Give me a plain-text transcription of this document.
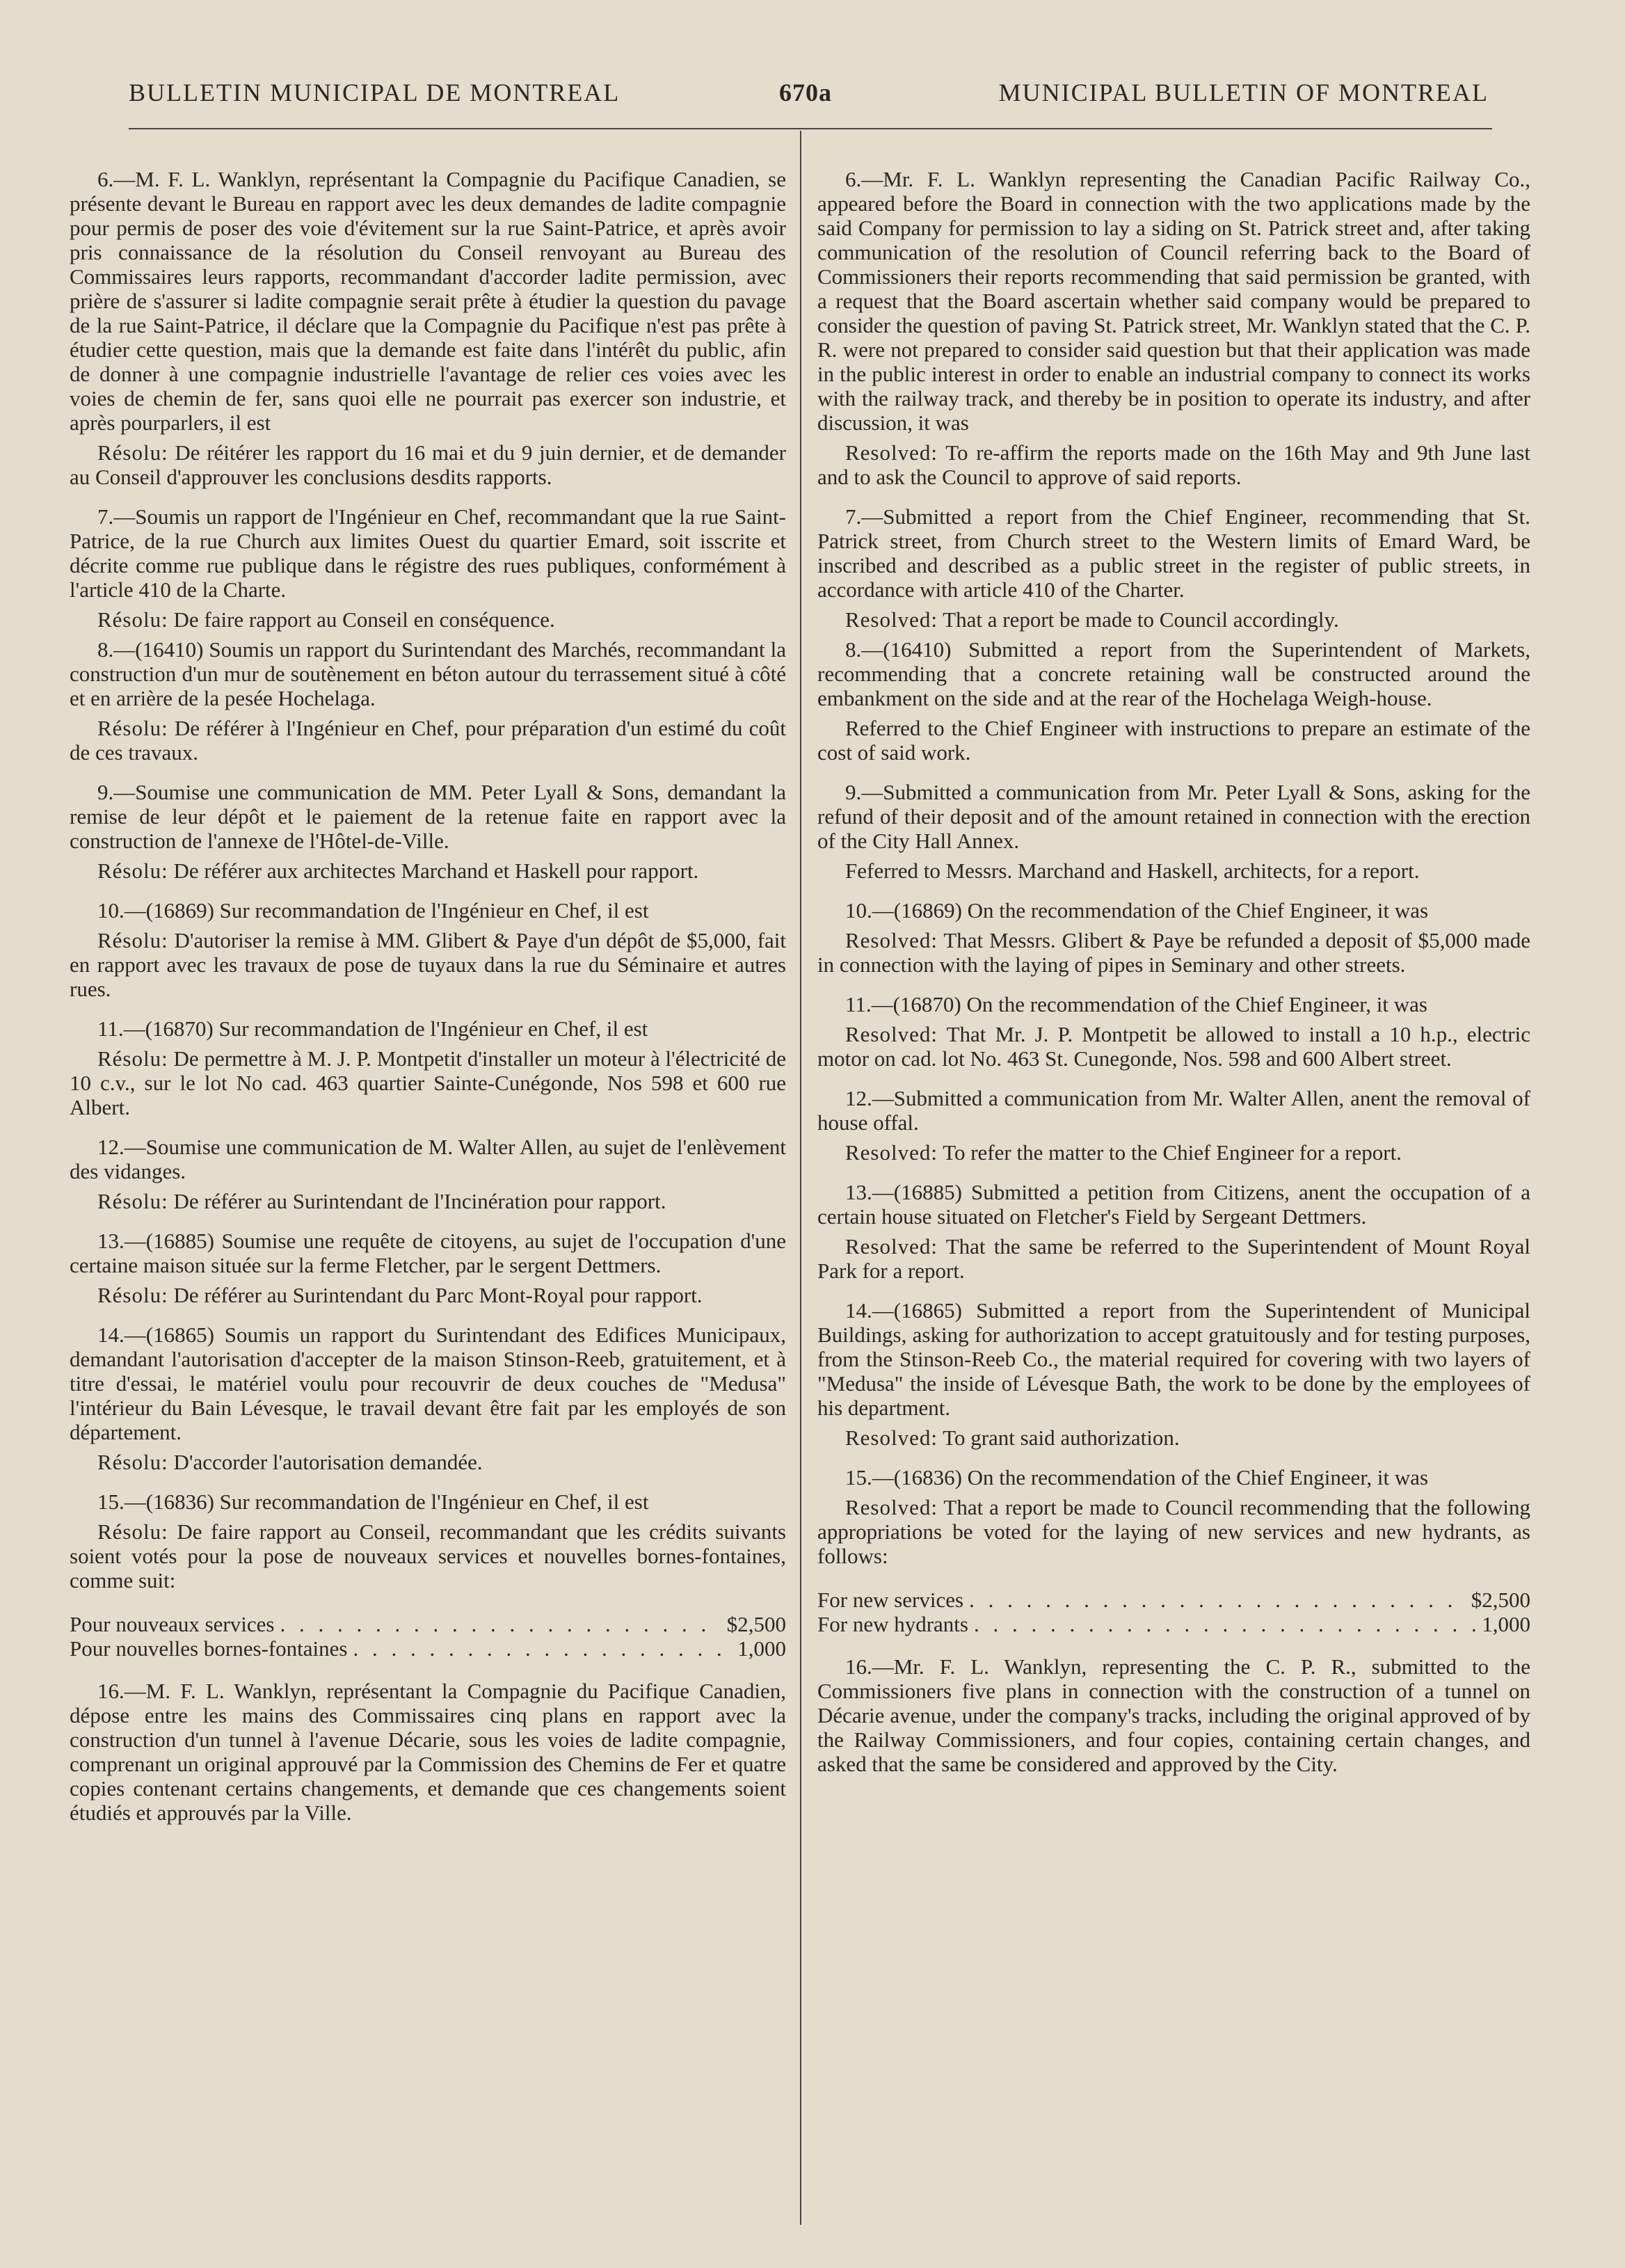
BULLETIN MUNICIPAL DE MONTREAL	670a	MUNICIPAL BULLETIN OF MONTREAL

6.—M. F. L. Wanklyn, représentant la Compagnie du Pacifique Canadien, se présente devant le Bureau en rapport avec les deux demandes de ladite compagnie pour permis de poser des voie d'évitement sur la rue Saint-Patrice, et après avoir pris connaissance de la résolution du Conseil renvoyant au Bureau des Commissaires leurs rapports, recommandant d'accorder ladite permission, avec prière de s'assurer si ladite compagnie serait prête à étudier la question du pavage de la rue Saint-Patrice, il déclare que la Compagnie du Pacifique n'est pas prête à étudier cette question, mais que la demande est faite dans l'intérêt du public, afin de donner à une compagnie industrielle l'avantage de relier ces voies avec les voies de chemin de fer, sans quoi elle ne pourrait pas exercer son industrie, et après pourparlers, il est

Résolu: De réitérer les rapport du 16 mai et du 9 juin dernier, et de demander au Conseil d'approuver les conclusions desdits rapports.

7.—Soumis un rapport de l'Ingénieur en Chef, recommandant que la rue Saint-Patrice, de la rue Church aux limites Ouest du quartier Emard, soit isscrite et décrite comme rue publique dans le régistre des rues publiques, conformément à l'article 410 de la Charte.

Résolu: De faire rapport au Conseil en conséquence.

8.—(16410) Soumis un rapport du Surintendant des Marchés, recommandant la construction d'un mur de soutènement en béton autour du terrassement situé à côté et en arrière de la pesée Hochelaga.

Résolu: De référer à l'Ingénieur en Chef, pour préparation d'un estimé du coût de ces travaux.

9.—Soumise une communication de MM. Peter Lyall & Sons, demandant la remise de leur dépôt et le paiement de la retenue faite en rapport avec la construction de l'annexe de l'Hôtel-de-Ville.

Résolu: De référer aux architectes Marchand et Haskell pour rapport.

10.—(16869) Sur recommandation de l'Ingénieur en Chef, il est

Résolu: D'autoriser la remise à MM. Glibert & Paye d'un dépôt de $5,000, fait en rapport avec les travaux de pose de tuyaux dans la rue du Séminaire et autres rues.

11.—(16870) Sur recommandation de l'Ingénieur en Chef, il est

Résolu: De permettre à M. J. P. Montpetit d'installer un moteur à l'électricité de 10 c.v., sur le lot No cad. 463 quartier Sainte-Cunégonde, Nos 598 et 600 rue Albert.

12.—Soumise une communication de M. Walter Allen, au sujet de l'enlèvement des vidanges.

Résolu: De référer au Surintendant de l'Incinération pour rapport.

13.—(16885) Soumise une requête de citoyens, au sujet de l'occupation d'une certaine maison située sur la ferme Fletcher, par le sergent Dettmers.

Résolu: De référer au Surintendant du Parc Mont-Royal pour rapport.

14.—(16865) Soumis un rapport du Surintendant des Edifices Municipaux, demandant l'autorisation d'accepter de la maison Stinson-Reeb, gratuitement, et à titre d'essai, le matériel voulu pour recouvrir de deux couches de "Medusa" l'intérieur du Bain Lévesque, le travail devant être fait par les employés de son département.

Résolu: D'accorder l'autorisation demandée.

15.—(16836) Sur recommandation de l'Ingénieur en Chef, il est

Résolu: De faire rapport au Conseil, recommandant que les crédits suivants soient votés pour la pose de nouveaux services et nouvelles bornes-fontaines, comme suit:

Pour nouveaux services . . .	$2,500
Pour nouvelles bornes-fontaines . . .	1,000

16.—M. F. L. Wanklyn, représentant la Compagnie du Pacifique Canadien, dépose entre les mains des Commissaires cinq plans en rapport avec la construction d'un tunnel à l'avenue Décarie, sous les voies de ladite compagnie, comprenant un original approuvé par la Commission des Chemins de Fer et quatre copies contenant certains changements, et demande que ces changements soient étudiés et approuvés par la Ville.

6.—Mr. F. L. Wanklyn representing the Canadian Pacific Railway Co., appeared before the Board in connection with the two applications made by the said Company for permission to lay a siding on St. Patrick street and, after taking communication of the resolution of Council referring back to the Board of Commissioners their reports recommending that said permission be granted, with a request that the Board ascertain whether said company would be prepared to consider the question of paving St. Patrick street, Mr. Wanklyn stated that the C. P. R. were not prepared to consider said question but that their application was made in the public interest in order to enable an industrial company to connect its works with the railway track, and thereby be in position to operate its industry, and after discussion, it was

Resolved: To re-affirm the reports made on the 16th May and 9th June last and to ask the Council to approve of said reports.

7.—Submitted a report from the Chief Engineer, recommending that St. Patrick street, from Church street to the Western limits of Emard Ward, be inscribed and described as a public street in the register of public streets, in accordance with article 410 of the Charter.

Resolved: That a report be made to Council accordingly.

8.—(16410) Submitted a report from the Superintendent of Markets, recommending that a concrete retaining wall be constructed around the embankment on the side and at the rear of the Hochelaga Weigh-house.

Referred to the Chief Engineer with instructions to prepare an estimate of the cost of said work.

9.—Submitted a communication from Mr. Peter Lyall & Sons, asking for the refund of their deposit and of the amount retained in connection with the erection of the City Hall Annex.

Feferred to Messrs. Marchand and Haskell, architects, for a report.

10.—(16869) On the recommendation of the Chief Engineer, it was

Resolved: That Messrs. Glibert & Paye be refunded a deposit of $5,000 made in connection with the laying of pipes in Seminary and other streets.

11.—(16870) On the recommendation of the Chief Engineer, it was

Resolved: That Mr. J. P. Montpetit be allowed to install a 10 h.p., electric motor on cad. lot No. 463 St. Cunegonde, Nos. 598 and 600 Albert street.

12.—Submitted a communication from Mr. Walter Allen, anent the removal of house offal.

Resolved: To refer the matter to the Chief Engineer for a report.

13.—(16885) Submitted a petition from Citizens, anent the occupation of a certain house situated on Fletcher's Field by Sergeant Dettmers.

Resolved: That the same be referred to the Superintendent of Mount Royal Park for a report.

14.—(16865) Submitted a report from the Superintendent of Municipal Buildings, asking for authorization to accept gratuitously and for testing purposes, from the Stinson-Reeb Co., the material required for covering with two layers of "Medusa" the inside of Lévesque Bath, the work to be done by the employees of his department.

Resolved: To grant said authorization.

15.—(16836) On the recommendation of the Chief Engineer, it was

Resolved: That a report be made to Council recommending that the following appropriations be voted for the laying of new services and new hydrants, as follows:

For new services . . .	$2,500
For new hydrants . . .	1,000

16.—Mr. F. L. Wanklyn, representing the C. P. R., submitted to the Commissioners five plans in connection with the construction of a tunnel on Décarie avenue, under the company's tracks, including the original approved of by the Railway Commissioners, and four copies, containing certain changes, and asked that the same be considered and approved by the City.
